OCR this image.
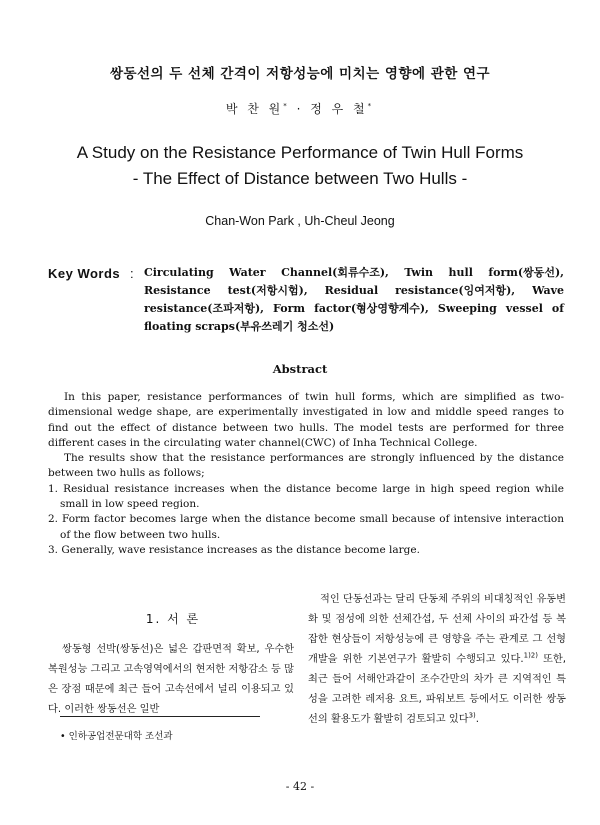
쌍동선의 두 선체 간격이 저항성능에 미치는 영향에 관한 연구
박 찬 원* · 정 우 철*
A Study on the Resistance Performance of Twin Hull Forms
- The Effect of Distance between Two Hulls -
Chan-Won Park , Uh-Cheul Jeong
Key Words : Circulating Water Channel(회류수조), Twin hull form(쌍동선), Resistance test(저항시험), Residual resistance(잉여저항), Wave resistance(조파저항), Form factor(형상영향계수), Sweeping vessel of floating scraps(부유쓰레기 청소선)
Abstract

In this paper, resistance performances of twin hull forms, which are simplified as two-dimensional wedge shape, are experimentally investigated in low and middle speed ranges to find out the effect of distance between two hulls. The model tests are performed for three different cases in the circulating water channel(CWC) of Inha Technical College.

The results show that the resistance performances are strongly influenced by the distance between two hulls as follows;

1. Residual resistance increases when the distance become large in high speed region while small in low speed region.

2. Form factor becomes large when the distance become small because of intensive interaction of the flow between two hulls.

3. Generally, wave resistance increases as the distance become large.

1. 서 론
쌍동형 선박(쌍동선)은 넓은 갑판면적 확보, 우수한 복원성능 그리고 고속영역에서의 현저한 저항감소 등 많은 장점 때문에 최근 들어 고속선에서 널리 이용되고 있다. 이러한 쌍동선은 일반
적인 단동선과는 달리 단동체 주위의 비대칭적인 유동변화 및 점성에 의한 선체간섭, 두 선체 사이의 파간섭 등 복잡한 현상들이 저항성능에 큰 영향을 주는 관계로 그 선형개발을 위한 기본연구가 활발히 수행되고 있다.$^{1)2)}$ 또한, 최근 들어 서해안과같이 조수간만의 차가 큰 지역적인 특성을 고려한 레저용 요트, 파워보트 등에서도 이러한 쌍동선의 활용도가 활발히 검토되고 있다$^{3)}$.
• 인하공업전문대학 조선과
- 42 -
